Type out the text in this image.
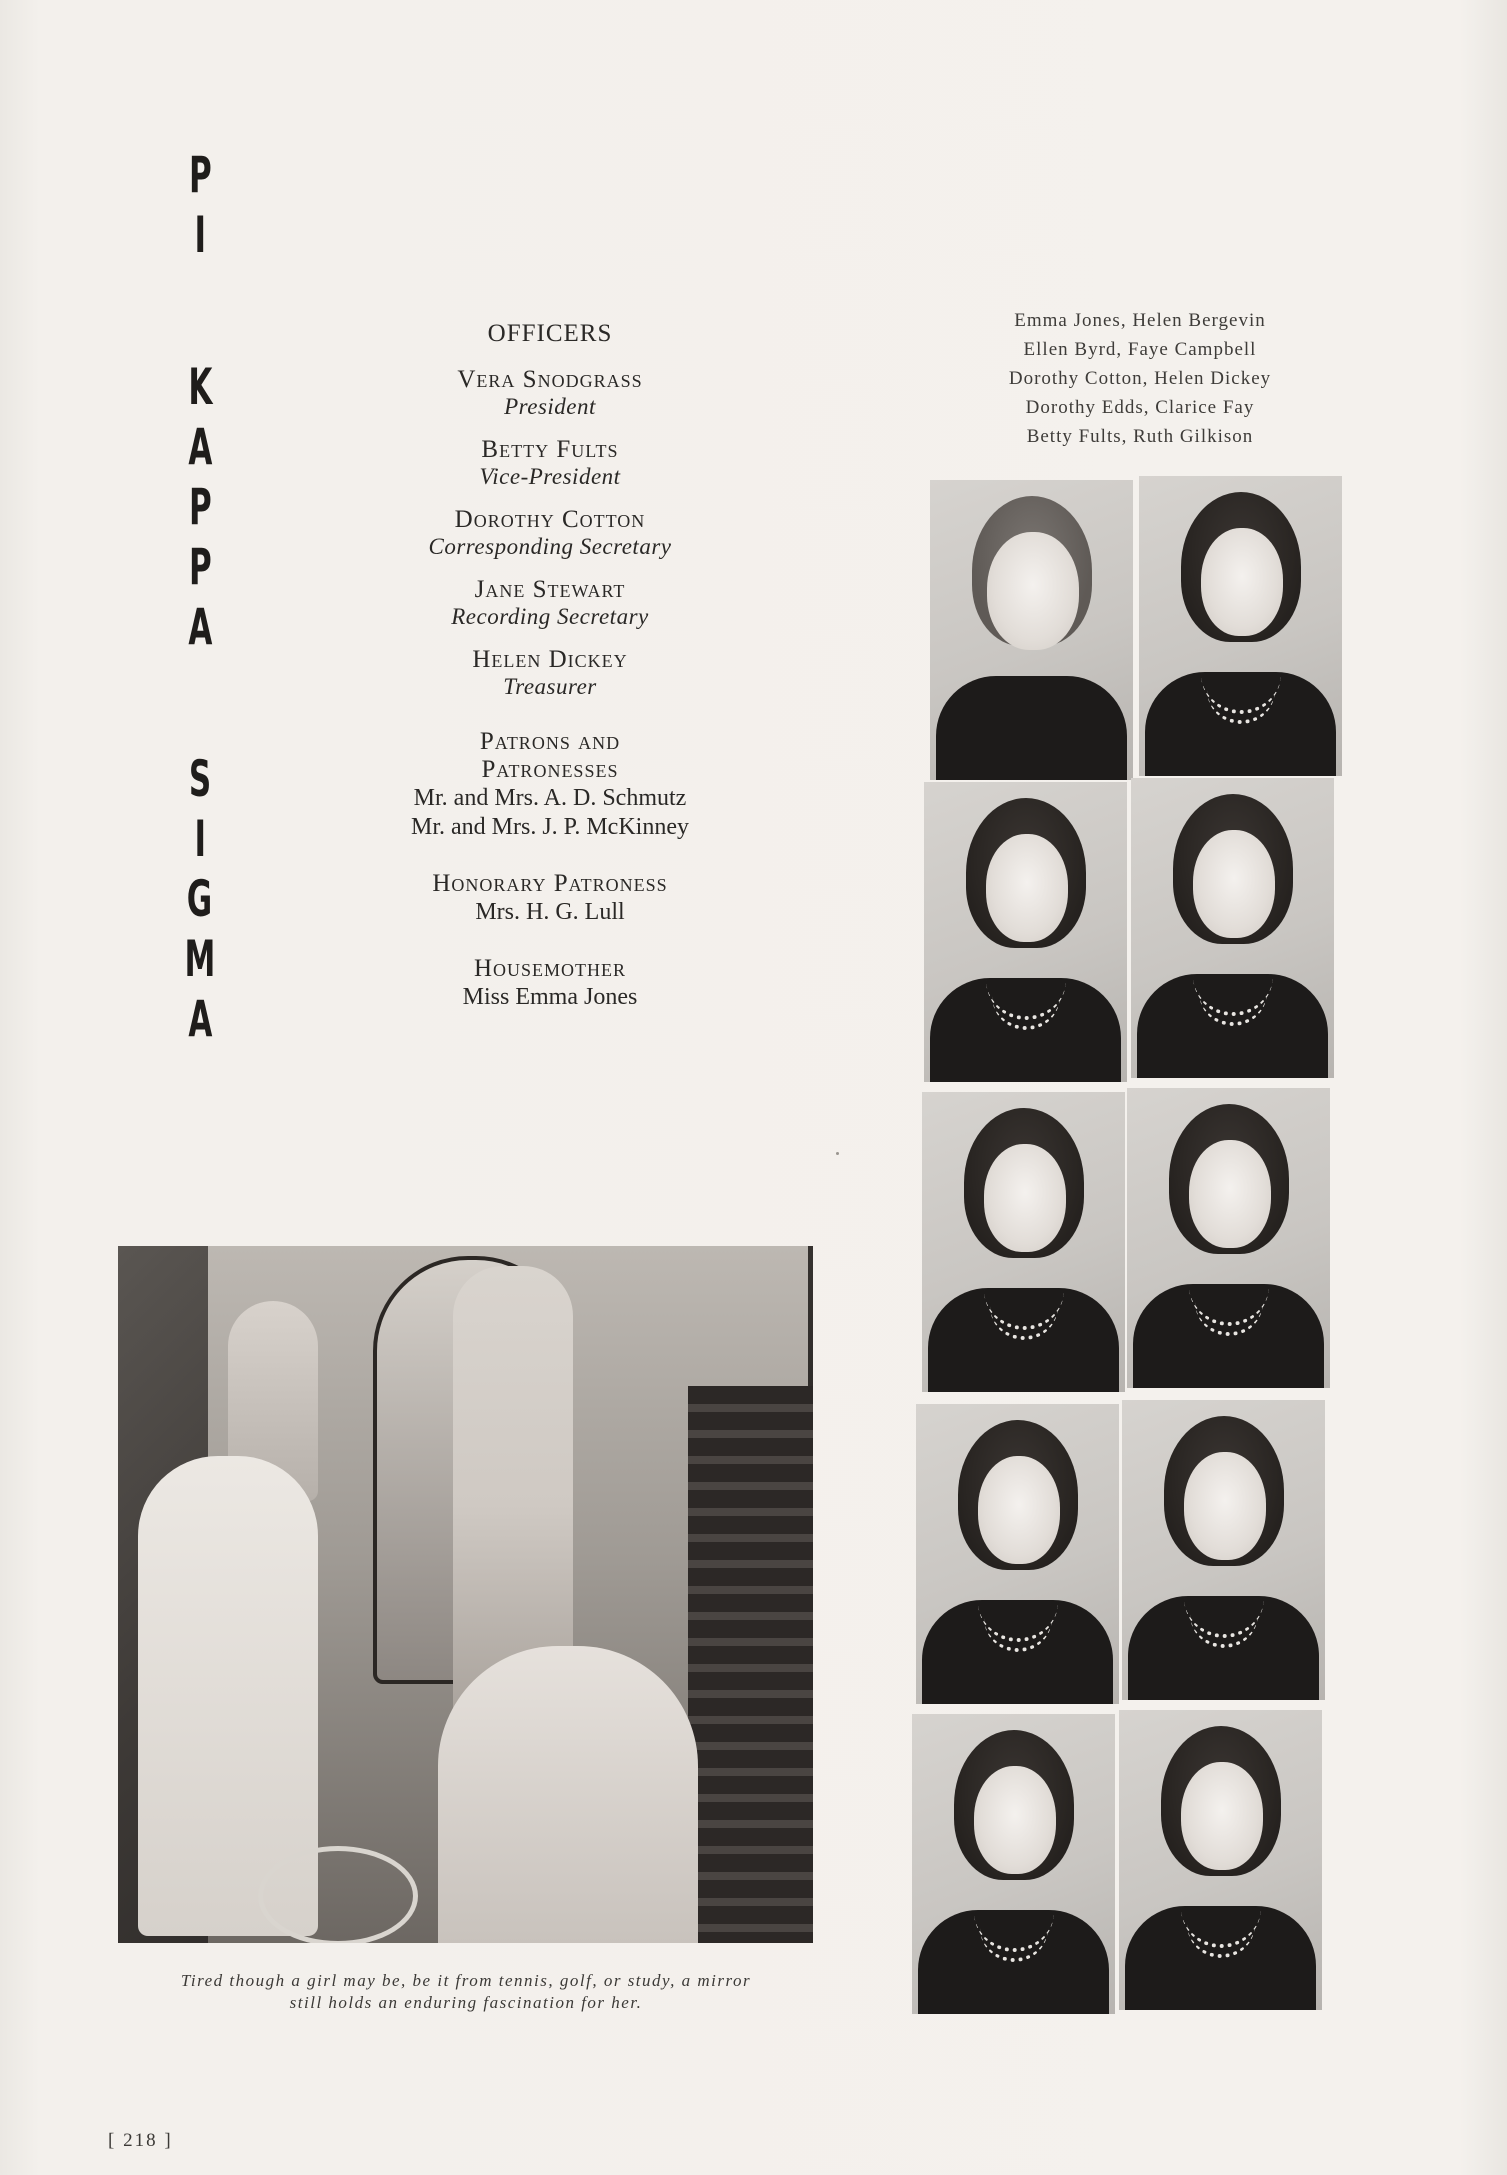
P
I
K
A
P
P
A
S
I
G
M
A
OFFICERS
Vera Snodgrass
President
Betty Fults
Vice-President
Dorothy Cotton
Corresponding Secretary
Jane Stewart
Recording Secretary
Helen Dickey
Treasurer
Patrons and
Patronesses
Mr. and Mrs. A. D. Schmutz
Mr. and Mrs. J. P. McKinney
Honorary Patroness
Mrs. H. G. Lull
Housemother
Miss Emma Jones
Emma Jones, Helen Bergevin
Ellen Byrd, Faye Campbell
Dorothy Cotton, Helen Dickey
Dorothy Edds, Clarice Fay
Betty Fults, Ruth Gilkison
Tired though a girl may be, be it from tennis, golf, or study, a mirror
still holds an enduring fascination for her.
[ 218 ]
